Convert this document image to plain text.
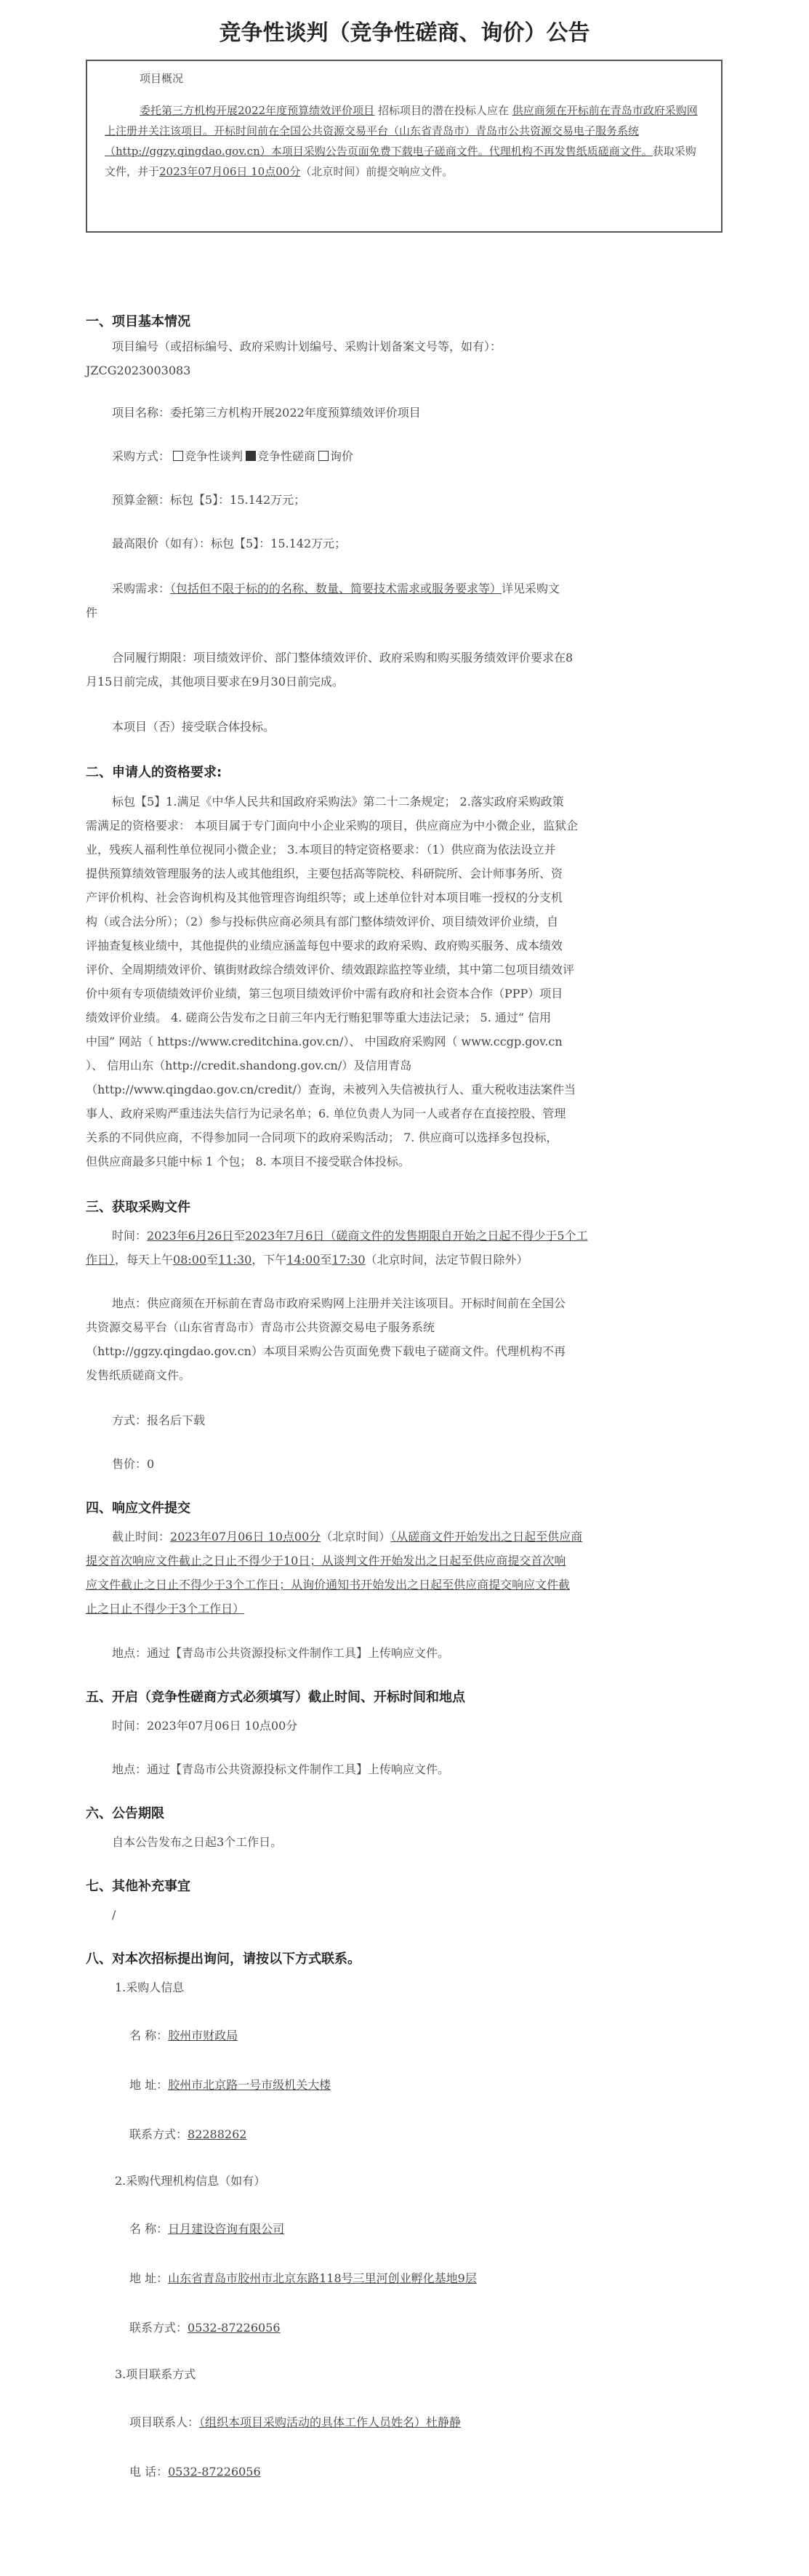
竞争性谈判（竞争性磋商、询价）公告
项目概况

委托第三方机构开展2022年度预算绩效评价项目 招标项目的潜在投标人应在 供应商须在开标前在青岛市政府采购网上注册并关注该项目。开标时间前在全国公共资源交易平台（山东省青岛市）青岛市公共资源交易电子服务系统（http://ggzy.qingdao.gov.cn）本项目采购公告页面免费下载电子磋商文件。代理机构不再发售纸质磋商文件。获取采购文件，并于2023年07月06日 10点00分（北京时间）前提交响应文件。

一、项目基本情况
项目编号（或招标编号、政府采购计划编号、采购计划备案文号等，如有）：
JZCG2023003083
项目名称：委托第三方机构开展2022年度预算绩效评价项目
采购方式： 竞争性谈判 竞争性磋商 询价
预算金额：标包【5】：15.142万元；
最高限价（如有）：标包【5】：15.142万元；
采购需求：（包括但不限于标的的名称、数量、简要技术需求或服务要求等）详见采购文
件
合同履行期限：项目绩效评价、部门整体绩效评价、政府采购和购买服务绩效评价要求在8
月15日前完成，其他项目要求在9月30日前完成。
本项目（否）接受联合体投标。
二、申请人的资格要求:
标包【5】1.满足《中华人民共和国政府采购法》第二十二条规定； 2.落实政府采购政策
需满足的资格要求： 本项目属于专门面向中小企业采购的项目，供应商应为中小微企业，监狱企
业，残疾人福利性单位视同小微企业； 3.本项目的特定资格要求：（1）供应商为依法设立并
提供预算绩效管理服务的法人或其他组织，主要包括高等院校、科研院所、会计师事务所、资
产评价机构、社会咨询机构及其他管理咨询组织等；或上述单位针对本项目唯一授权的分支机
构（或合法分所）；（2）参与投标供应商必须具有部门整体绩效评价、项目绩效评价业绩，自
评抽查复核业绩中，其他提供的业绩应涵盖每包中要求的政府采购、政府购买服务、成本绩效
评价、全周期绩效评价、镇街财政综合绩效评价、绩效跟踪监控等业绩，其中第二包项目绩效评
价中须有专项债绩效评价业绩，第三包项目绩效评价中需有政府和社会资本合作（PPP）项目
绩效评价业绩。 4. 磋商公告发布之日前三年内无行贿犯罪等重大违法记录； 5. 通过“ 信用
中国” 网站（ https://www.creditchina.gov.cn/）、 中国政府采购网（ www.ccgp.gov.cn
）、 信用山东（http://credit.shandong.gov.cn/）及信用青岛
（http://www.qingdao.gov.cn/credit/）查询，未被列入失信被执行人、重大税收违法案件当
事人、政府采购严重违法失信行为记录名单；6. 单位负责人为同一人或者存在直接控股、管理
关系的不同供应商，不得参加同一合同项下的政府采购活动； 7. 供应商可以选择多包投标，
但供应商最多只能中标 1 个包； 8. 本项目不接受联合体投标。
三、获取采购文件
时间：2023年6月26日至2023年7月6日（磋商文件的发售期限自开始之日起不得少于5个工
作日），每天上午08:00至11:30，下午14:00至17:30（北京时间，法定节假日除外）
地点：供应商须在开标前在青岛市政府采购网上注册并关注该项目。开标时间前在全国公
共资源交易平台（山东省青岛市）青岛市公共资源交易电子服务系统
（http://ggzy.qingdao.gov.cn）本项目采购公告页面免费下载电子磋商文件。代理机构不再
发售纸质磋商文件。
方式：报名后下载
售价：0
四、响应文件提交
截止时间：2023年07月06日 10点00分（北京时间）（从磋商文件开始发出之日起至供应商
提交首次响应文件截止之日止不得少于10日；从谈判文件开始发出之日起至供应商提交首次响
应文件截止之日止不得少于3个工作日；从询价通知书开始发出之日起至供应商提交响应文件截
止之日止不得少于3个工作日）
地点：通过【青岛市公共资源投标文件制作工具】上传响应文件。
五、开启（竞争性磋商方式必须填写）截止时间、开标时间和地点
时间：2023年07月06日 10点00分
地点：通过【青岛市公共资源投标文件制作工具】上传响应文件。
六、公告期限
自本公告发布之日起3个工作日。
七、其他补充事宜
/
八、对本次招标提出询问，请按以下方式联系。
1.采购人信息
名 称：胶州市财政局
地 址：胶州市北京路一号市级机关大楼
联系方式：82288262
2.采购代理机构信息（如有）
名 称：日月建设咨询有限公司
地 址：山东省青岛市胶州市北京东路118号三里河创业孵化基地9层
联系方式：0532-87226056
3.项目联系方式
项目联系人：（组织本项目采购活动的具体工作人员姓名）杜静静
电 话：0532-87226056
